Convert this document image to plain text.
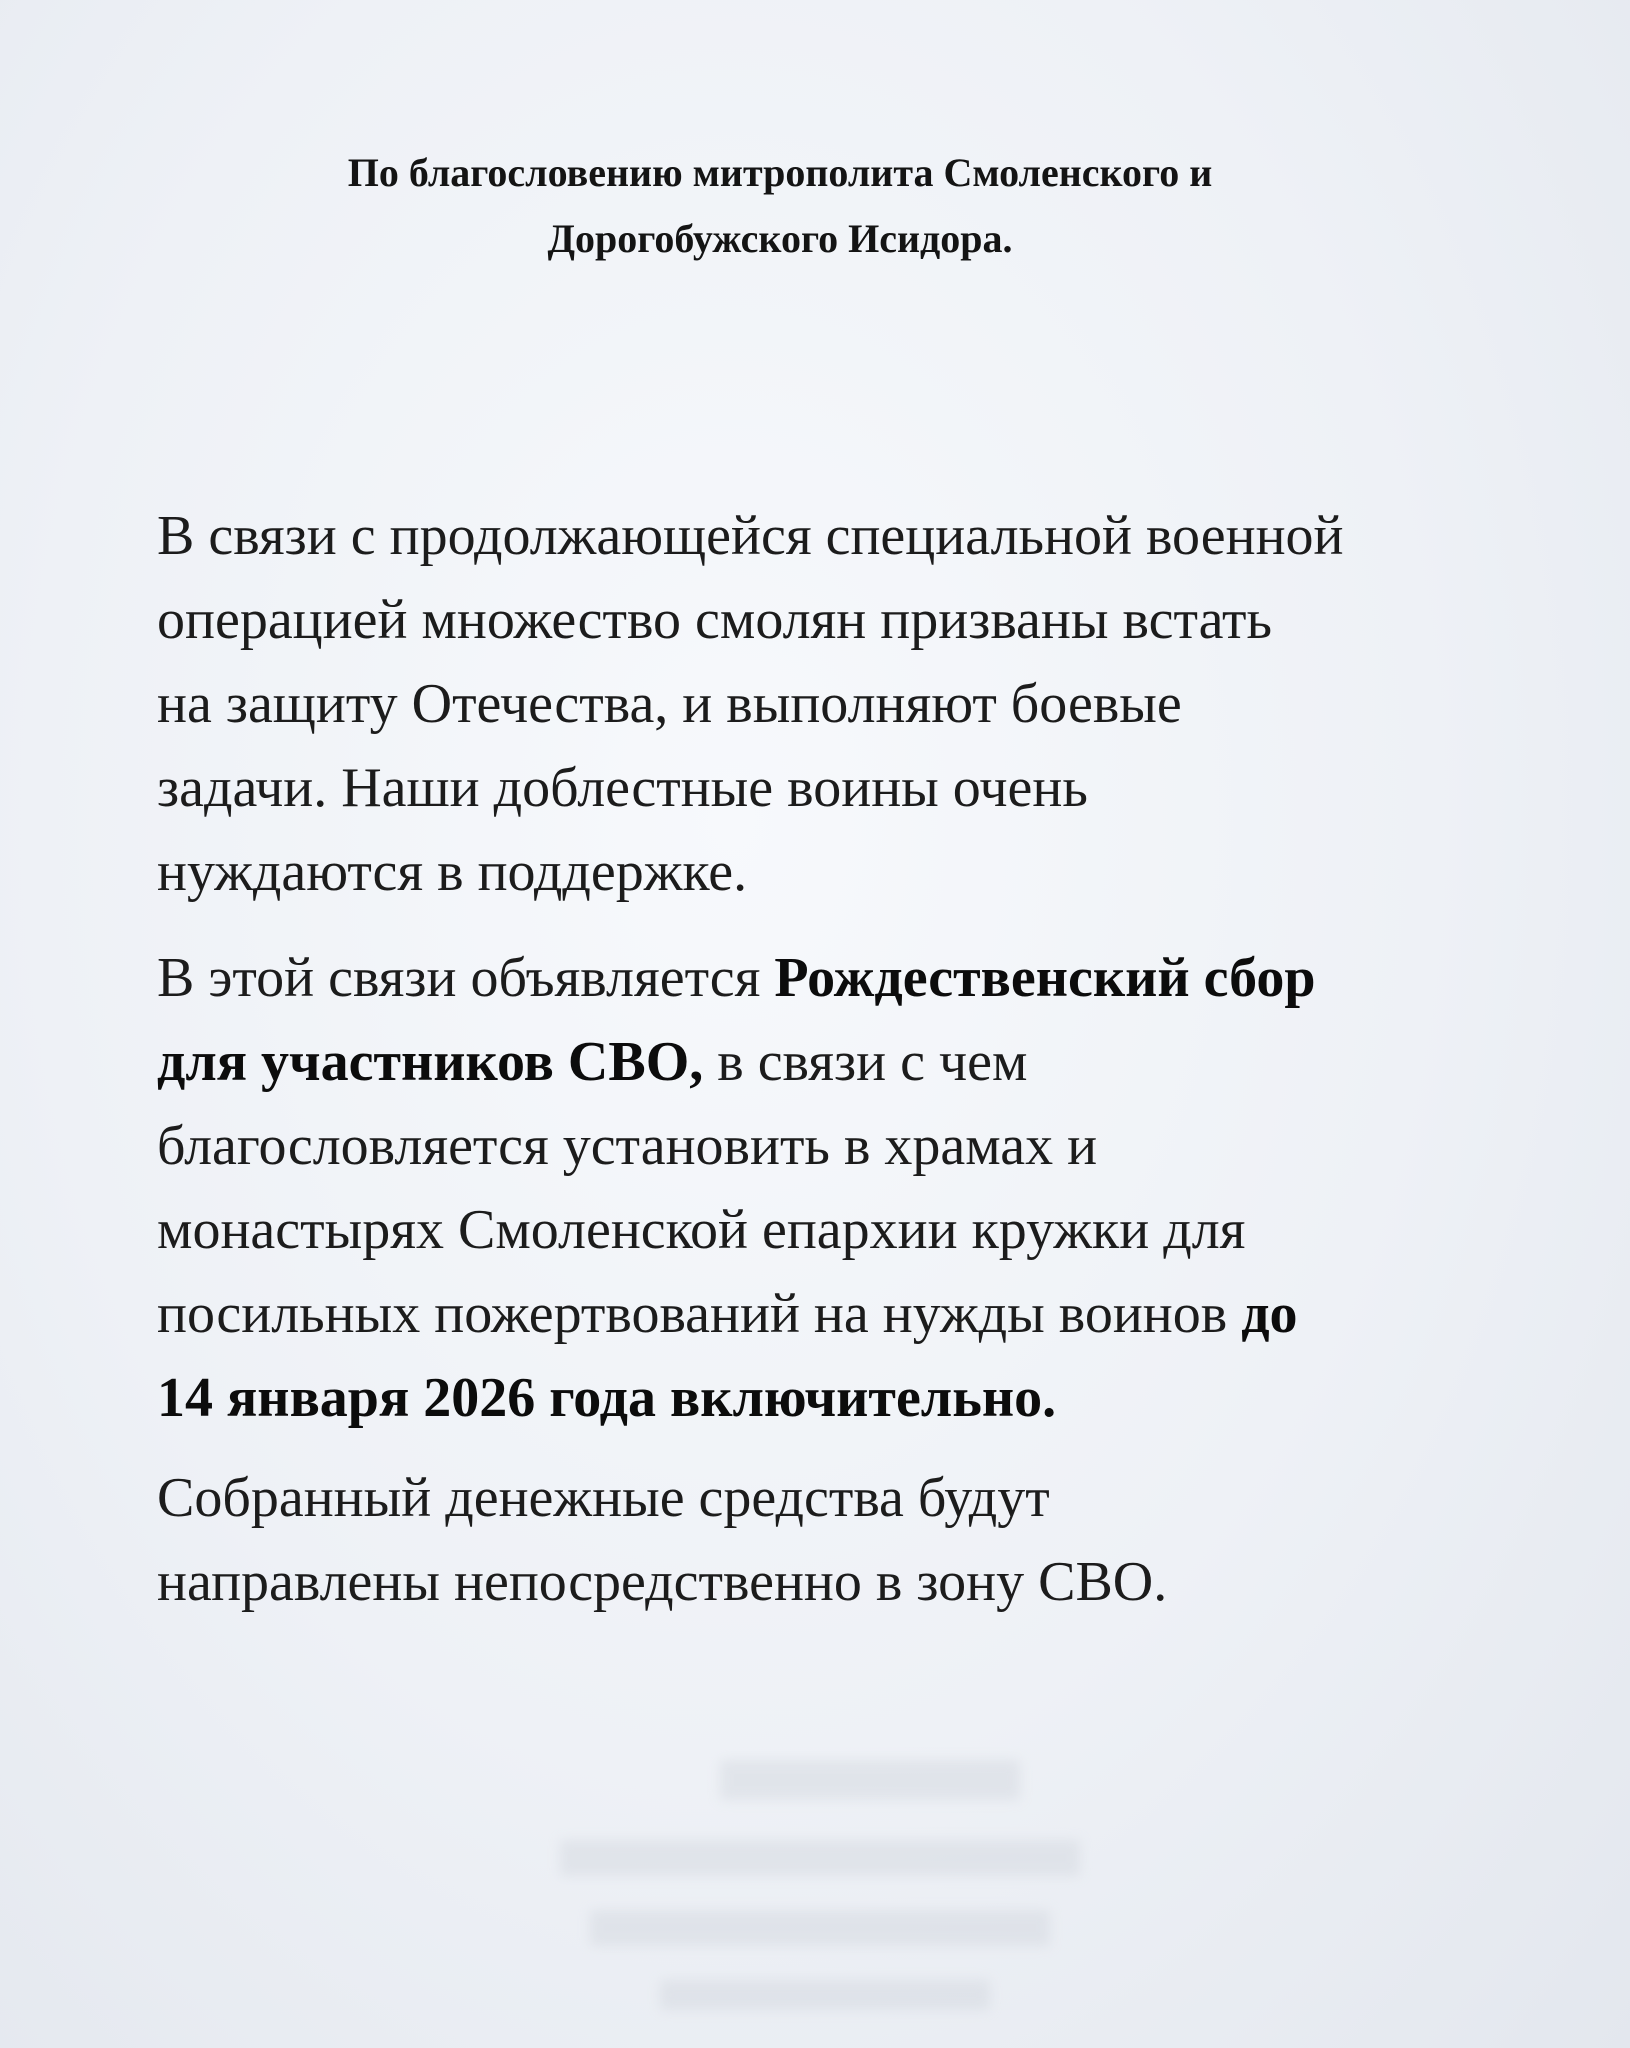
По благословению митрополита Смоленского и
Дорогобужского Исидора.

В связи с продолжающейся специальной военной
операцией множество смолян призваны встать
на защиту Отечества, и выполняют боевые
задачи. Наши доблестные воины очень
нуждаются в поддержке.

В этой связи объявляется Рождественский сбор
для участников СВО, в связи с чем
благословляется установить в храмах и
монастырях Смоленской епархии кружки для
посильных пожертвований на нужды воинов до
14 января 2026 года включительно.

Собранный денежные средства будут
направлены непосредственно в зону СВО.
